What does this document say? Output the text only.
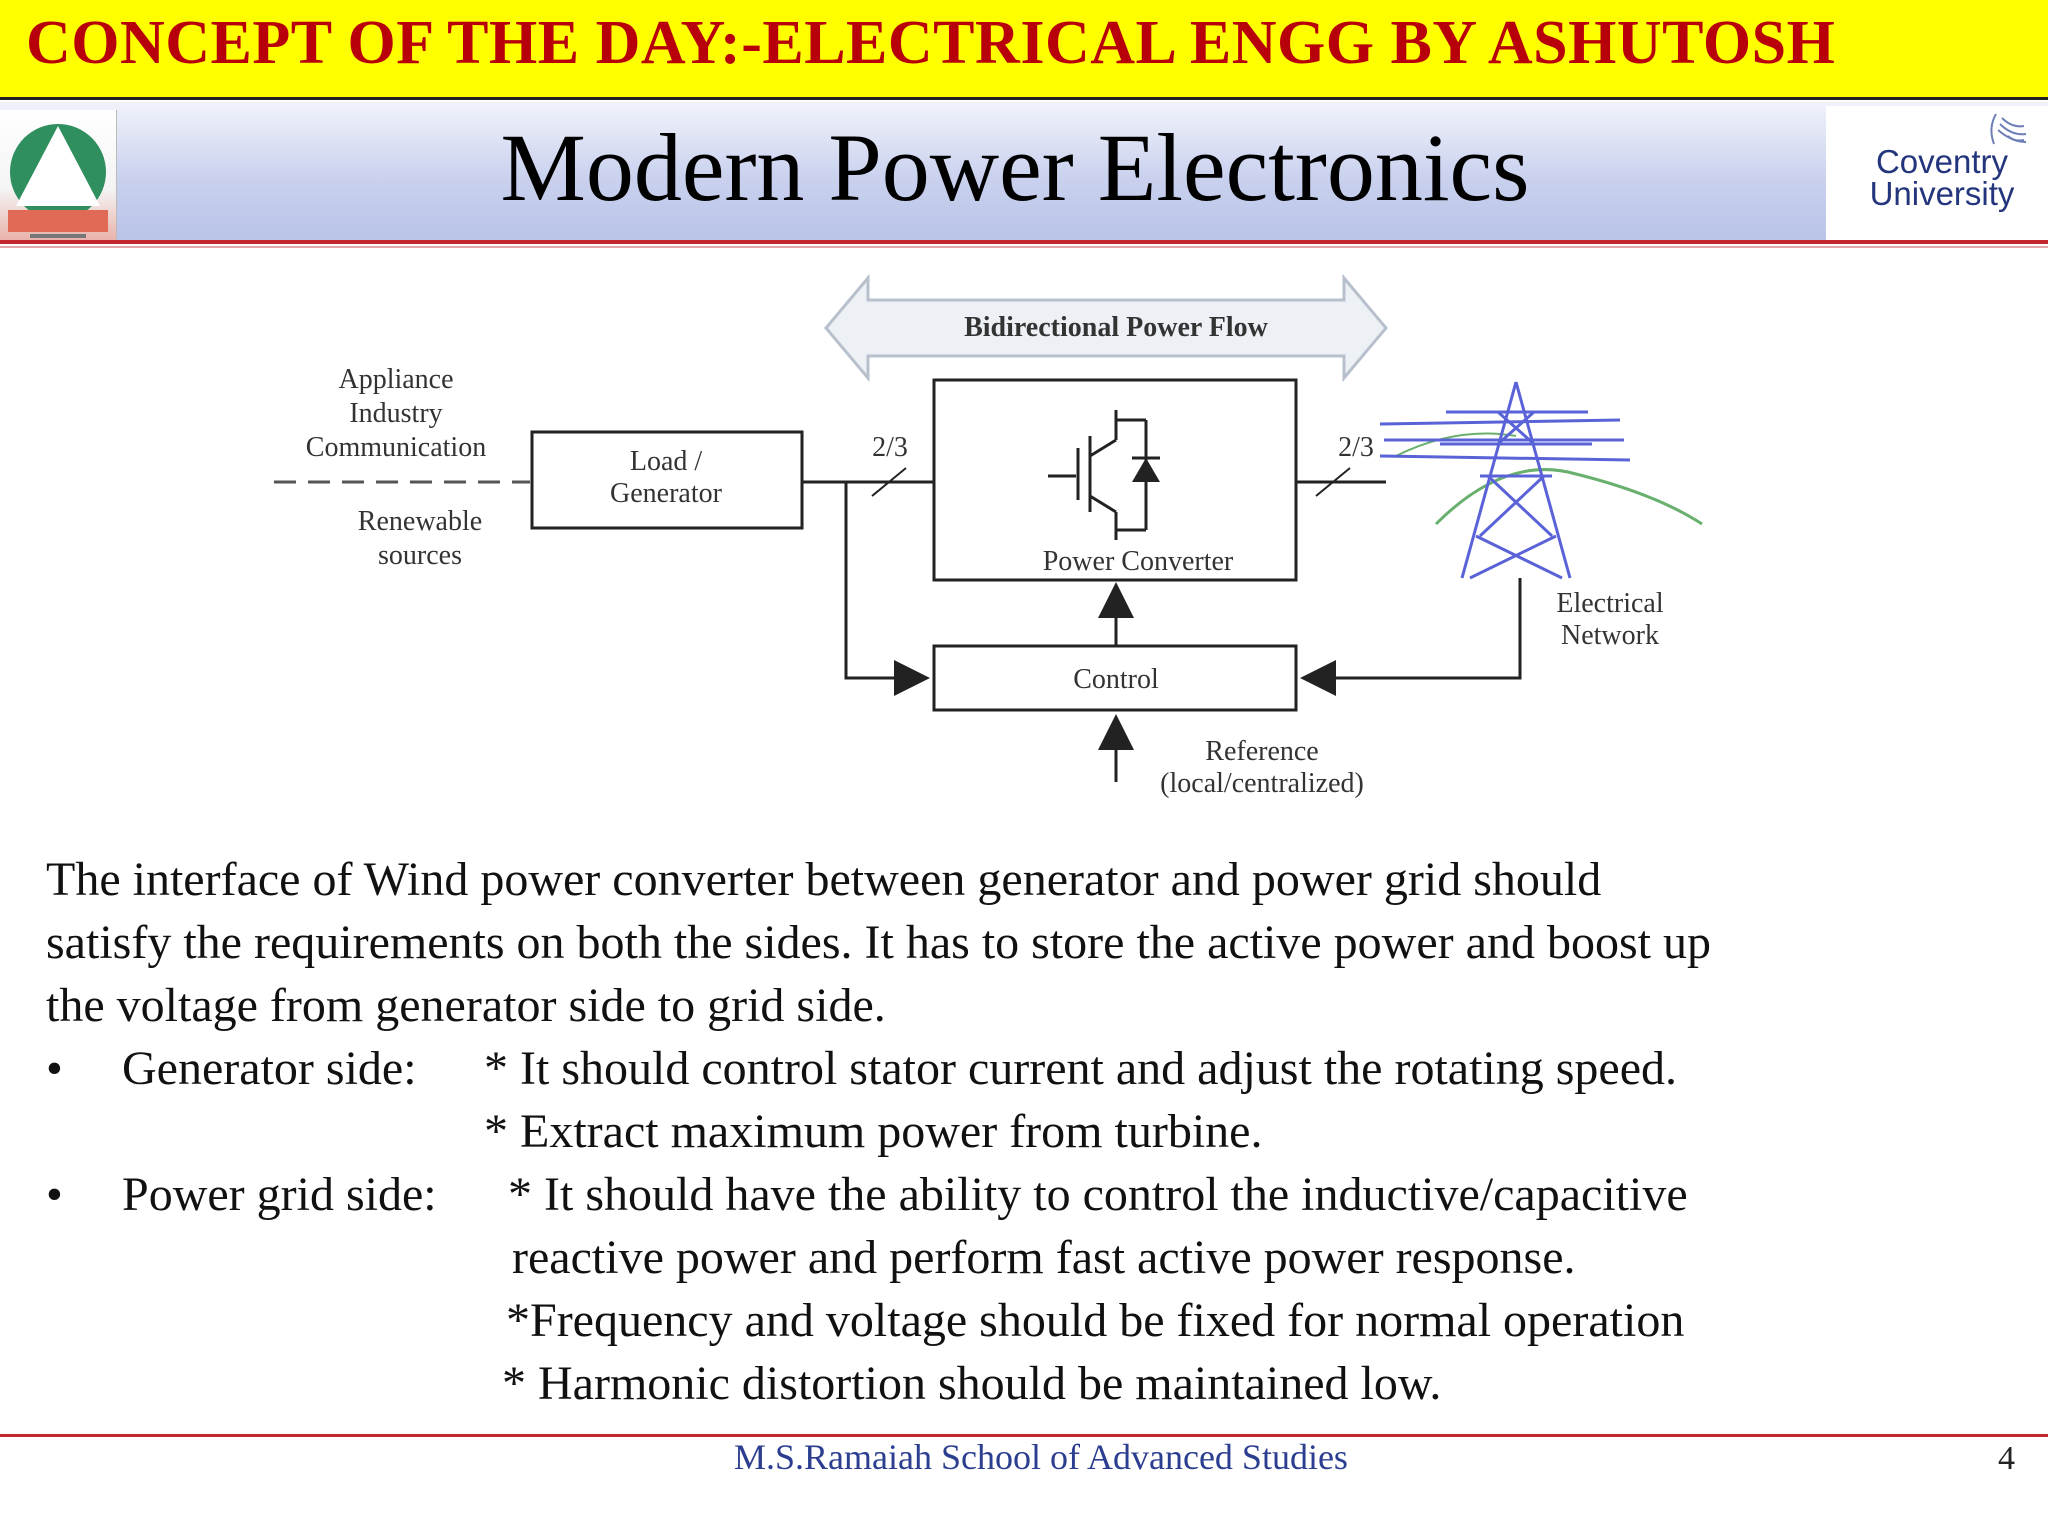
CONCEPT OF THE DAY:-ELECTRICAL ENGG BY ASHUTOSH
Coventry University
Modern Power Electronics
Bidirectional Power Flow
Appliance
Industry
Communication
Renewable
sources
Load /
Generator
2/3
Power Converter
2/3
Electrical
Network
Control
Reference
(local/centralized)

The interface of Wind power converter between generator and power grid should

satisfy the requirements on both the sides. It has to store the active power and boost up

the voltage from generator side to grid side.

• Generator side: * It should control stator current and adjust the rotating speed.
* Extract maximum power from turbine.
• Power grid side: * It should have the ability to control the inductive/capacitive
reactive power and perform fast active power response.
*Frequency and voltage should be fixed for normal operation
* Harmonic distortion should be maintained low.
M.S.Ramaiah School of Advanced Studies	4
